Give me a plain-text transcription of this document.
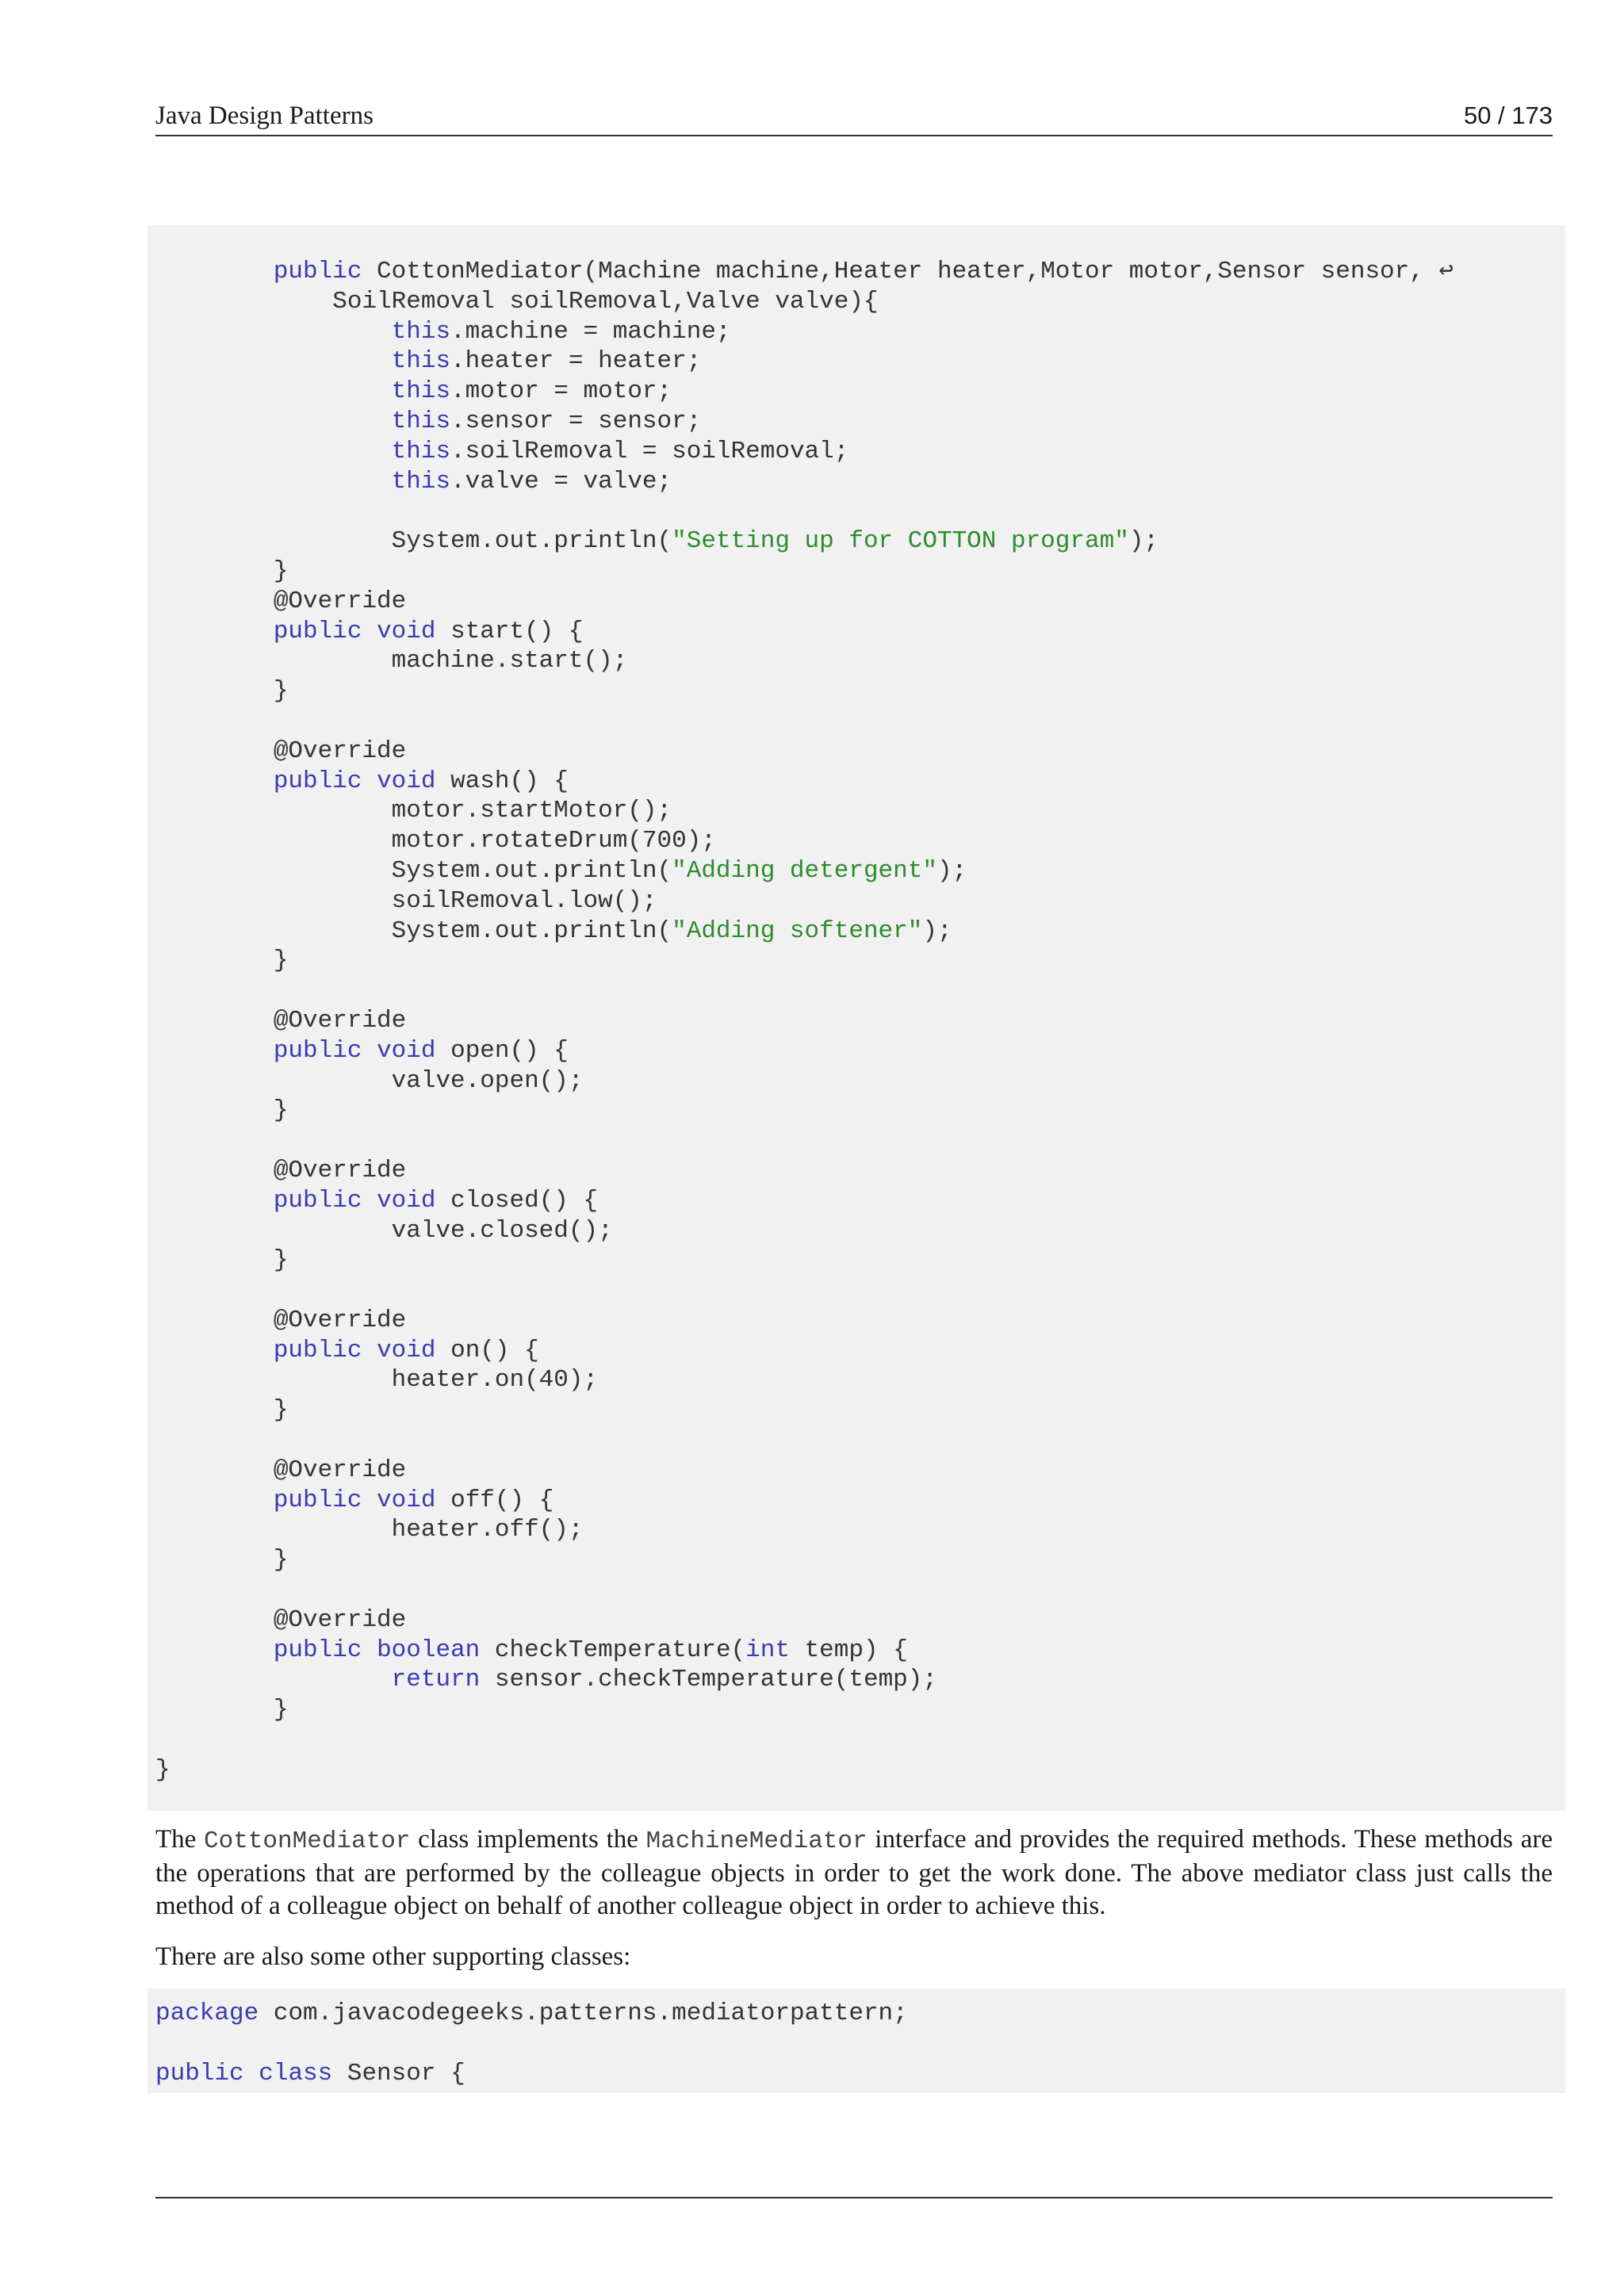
Java Design Patterns	50 / 173
public CottonMediator(Machine machine,Heater heater,Motor motor,Sensor sensor, ↩
SoilRemoval soilRemoval,Valve valve){
this.machine = machine;
this.heater = heater;
this.motor = motor;
this.sensor = sensor;
this.soilRemoval = soilRemoval;
this.valve = valve;

System.out.println("Setting up for COTTON program");
}
@Override
public void start() {
machine.start();
}

@Override
public void wash() {
motor.startMotor();
motor.rotateDrum(700);
System.out.println("Adding detergent");
soilRemoval.low();
System.out.println("Adding softener");
}

@Override
public void open() {
valve.open();
}

@Override
public void closed() {
valve.closed();
}

@Override
public void on() {
heater.on(40);
}

@Override
public void off() {
heater.off();
}

@Override
public boolean checkTemperature(int temp) {
return sensor.checkTemperature(temp);
}

}

The CottonMediator class implements the MachineMediator interface and provides the required methods. These methods are the operations that are performed by the colleague objects in order to get the work done. The above mediator class just calls the method of a colleague object on behalf of another colleague object in order to achieve this.

There are also some other supporting classes:

package com.javacodegeeks.patterns.mediatorpattern;

public class Sensor {
